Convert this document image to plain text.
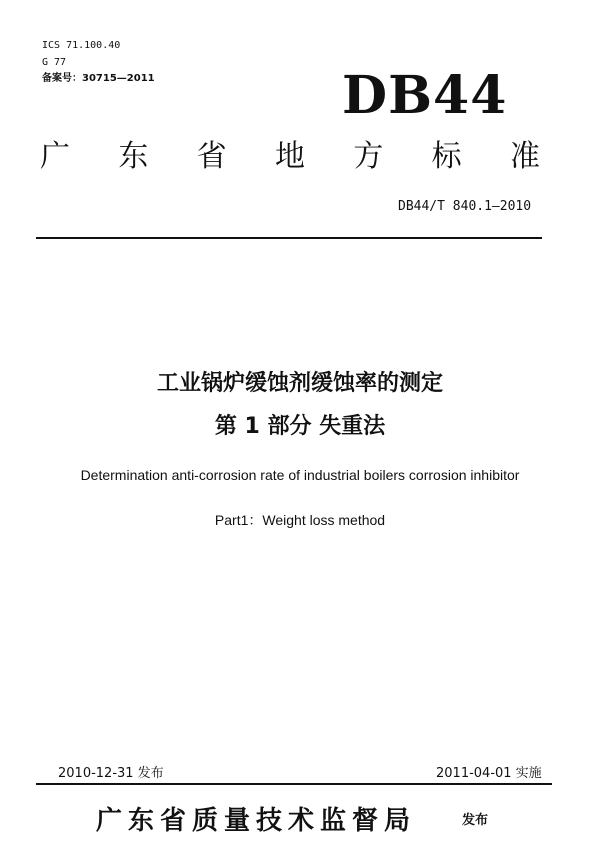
ICS 71.100.40
G 77
备案号：30715—2011	DB44
广 东 省 地 方 标 准
DB44/T 840.1—2010
工业锅炉缓蚀剂缓蚀率的测定
第 1 部分 失重法
Determination anti-corrosion rate of industrial boilers corrosion inhibitor
Part1：Weight loss method
2010-12-31 发布	2011-04-01 实施
广东省质量技术监督局	发布
